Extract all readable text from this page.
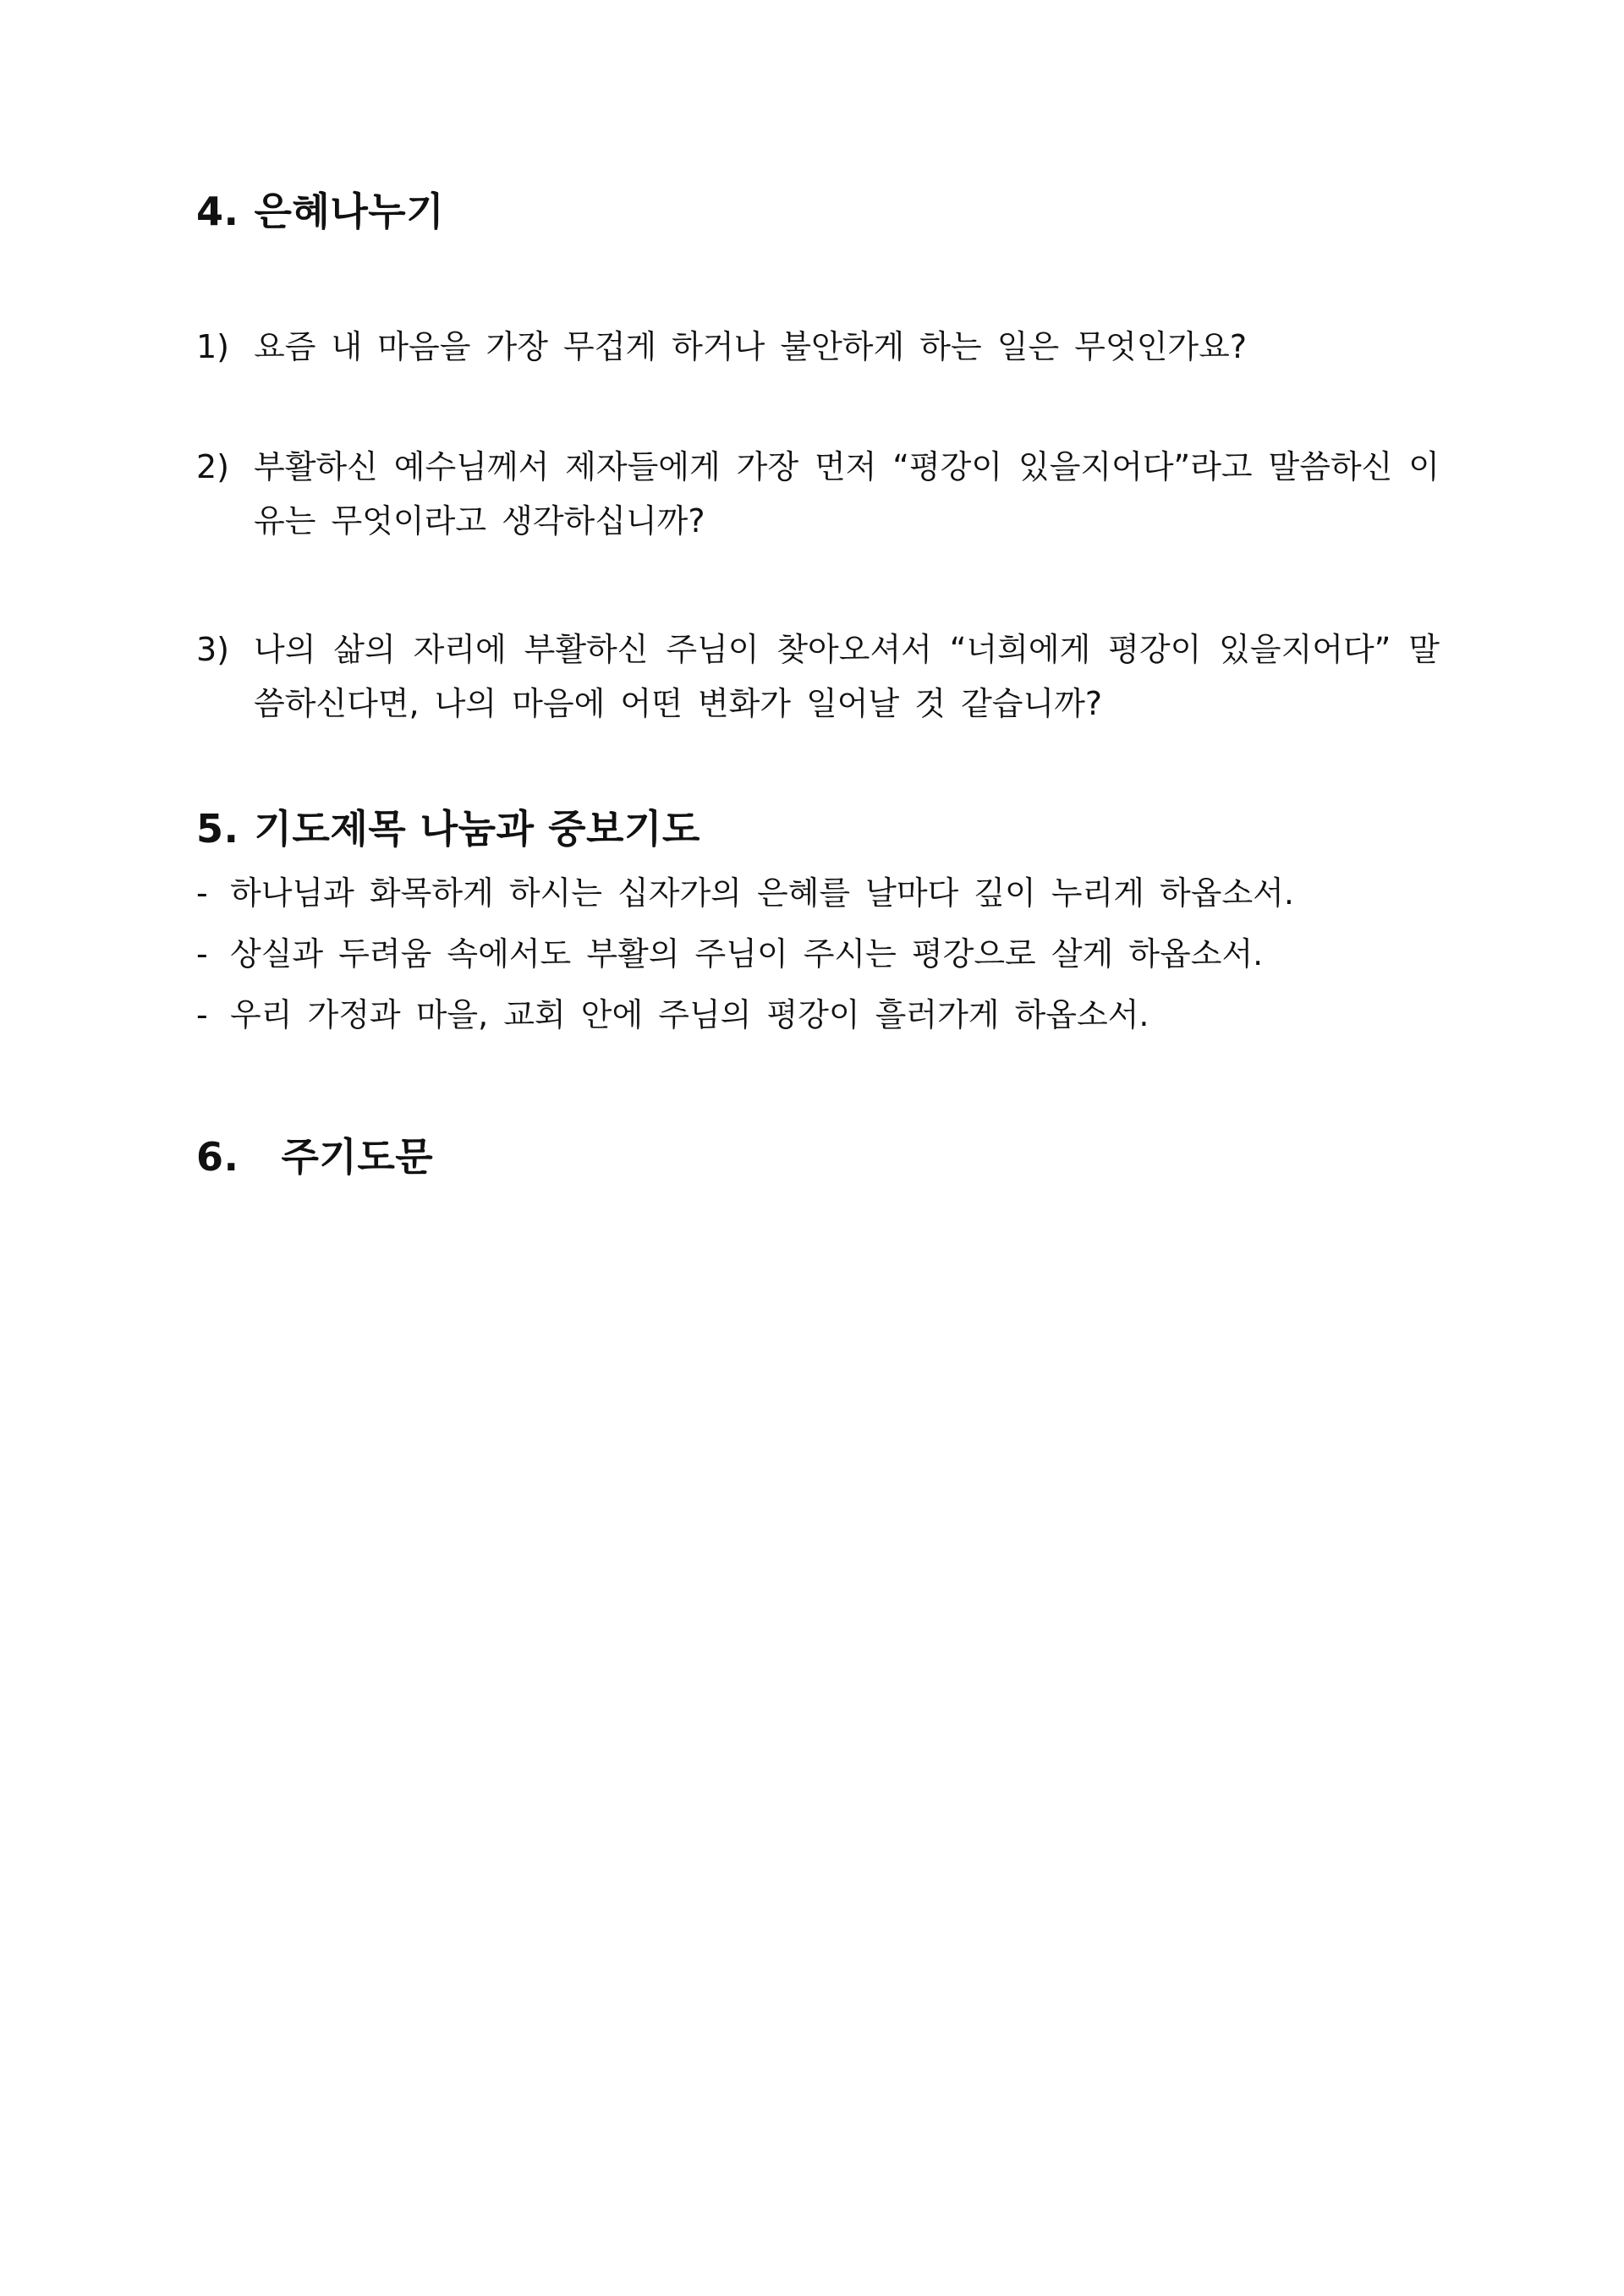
4. 은혜나누기
1) 요즘 내 마음을 가장 무겁게 하거나 불안하게 하는 일은 무엇인가요?
2) 부활하신 예수님께서 제자들에게 가장 먼저 “평강이 있을지어다”라고 말씀하신 이유는 무엇이라고 생각하십니까?
3) 나의 삶의 자리에 부활하신 주님이 찾아오셔서 “너희에게 평강이 있을지어다” 말씀하신다면, 나의 마음에 어떤 변화가 일어날 것 같습니까?
5. 기도제목 나눔과 중보기도
- 하나님과 화목하게 하시는 십자가의 은혜를 날마다 깊이 누리게 하옵소서.
- 상실과 두려움 속에서도 부활의 주님이 주시는 평강으로 살게 하옵소서.
- 우리 가정과 마을, 교회 안에 주님의 평강이 흘러가게 하옵소서.
6. 주기도문
